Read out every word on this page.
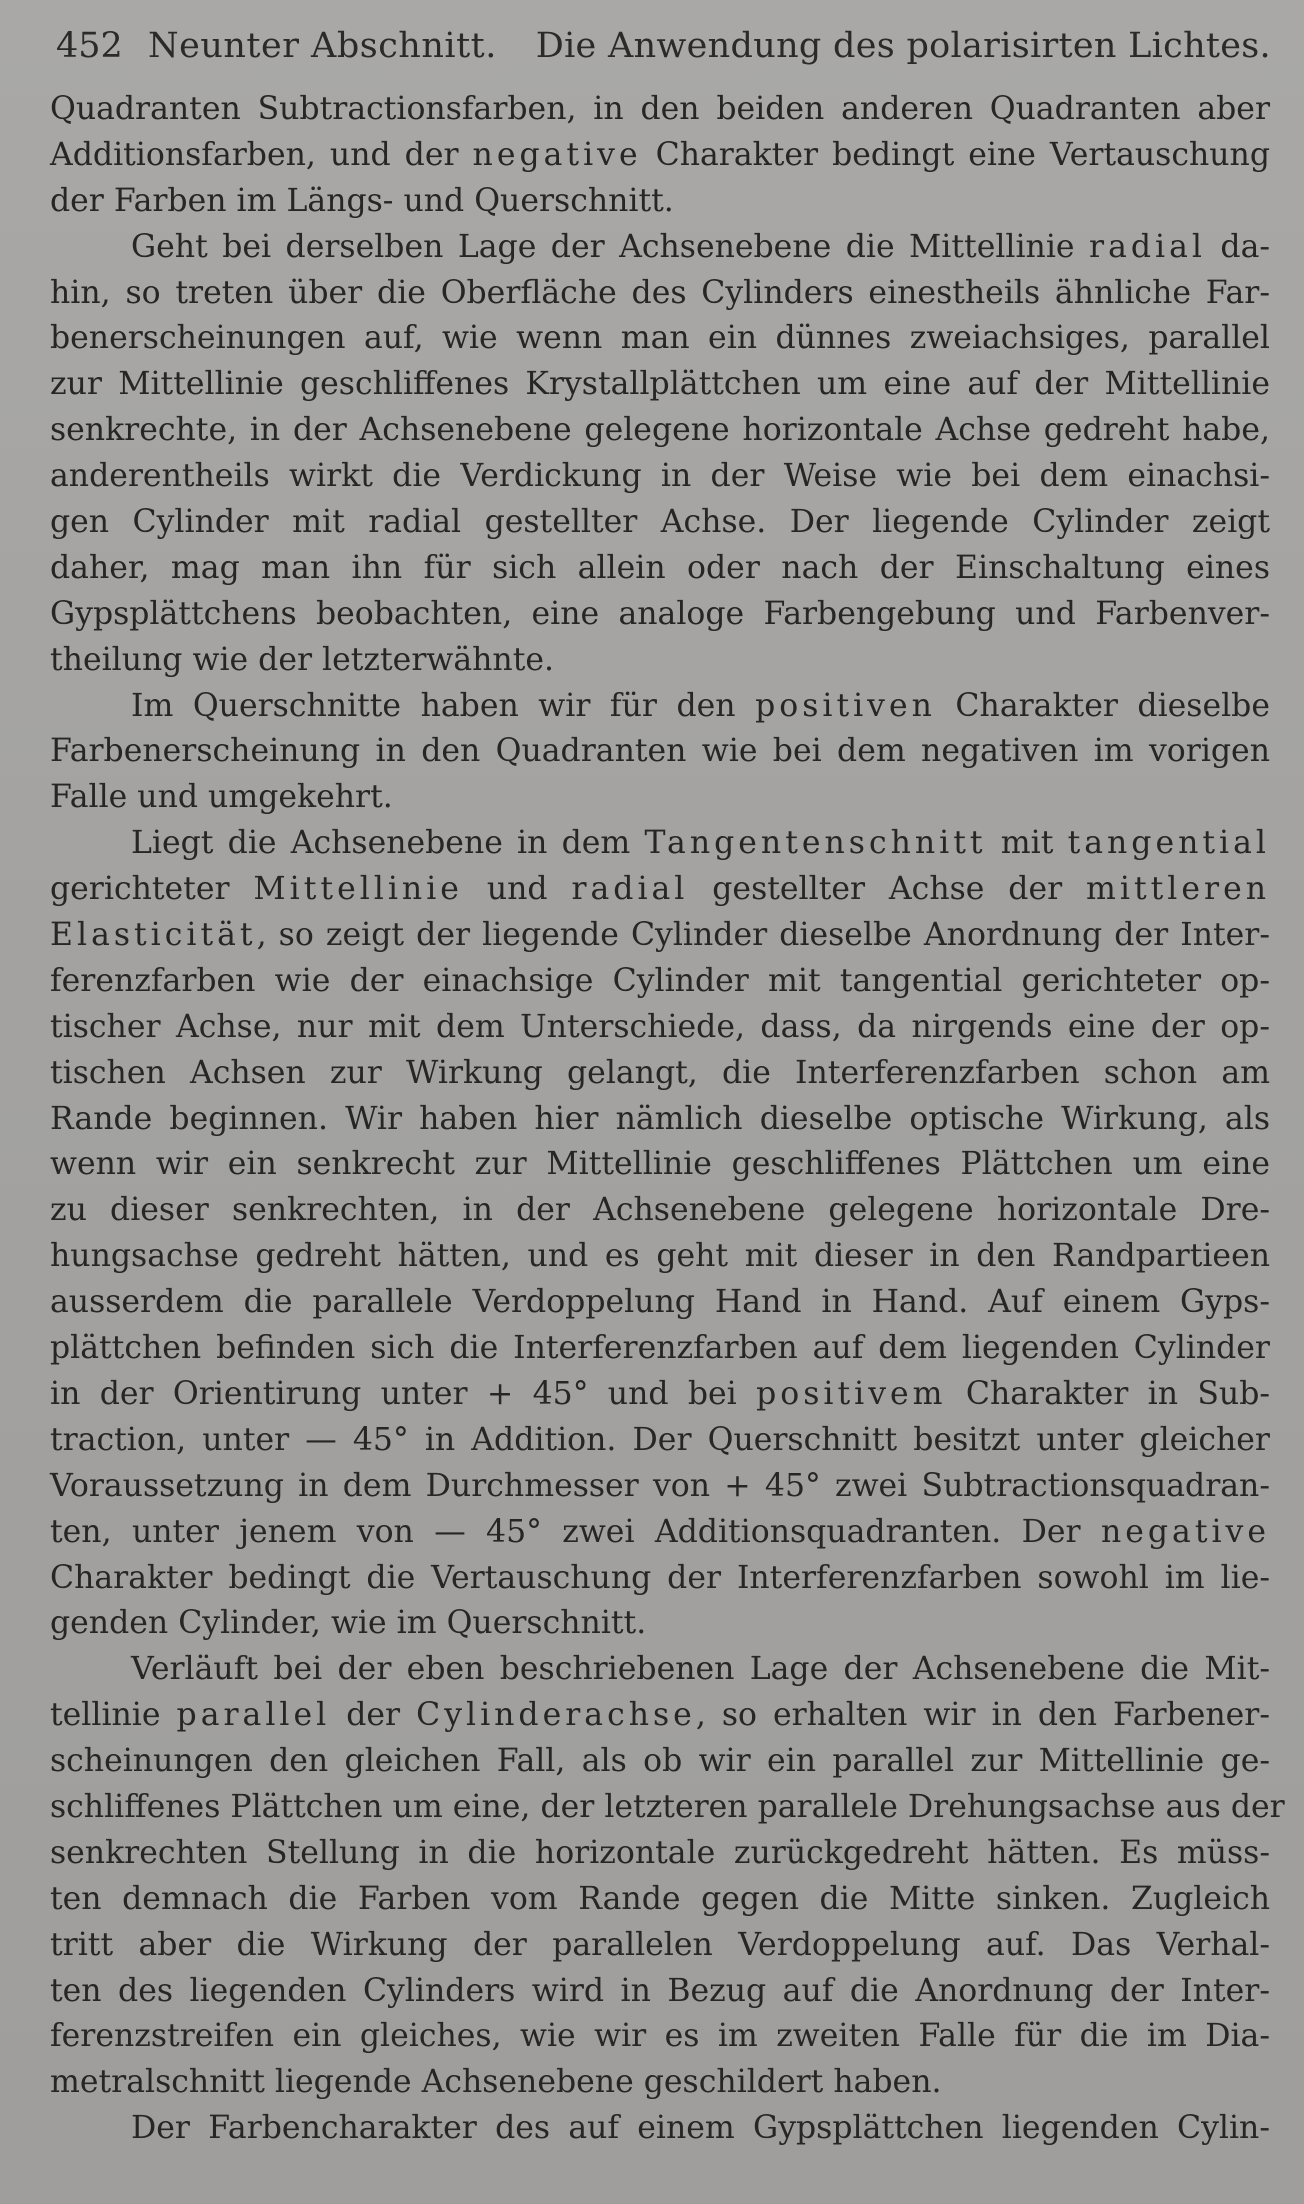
452 Neunter Abschnitt. Die Anwendung des polarisirten Lichtes.
Quadranten Subtractionsfarben, in den beiden anderen Quadranten aber
Additionsfarben, und der negative Charakter bedingt eine Vertauschung
der Farben im Längs- und Querschnitt.
Geht bei derselben Lage der Achsenebene die Mittellinie radial da-
hin, so treten über die Oberfläche des Cylinders einestheils ähnliche Far-
benerscheinungen auf, wie wenn man ein dünnes zweiachsiges, parallel
zur Mittellinie geschliffenes Krystallplättchen um eine auf der Mittellinie
senkrechte, in der Achsenebene gelegene horizontale Achse gedreht habe,
anderentheils wirkt die Verdickung in der Weise wie bei dem einachsi-
gen Cylinder mit radial gestellter Achse. Der liegende Cylinder zeigt
daher, mag man ihn für sich allein oder nach der Einschaltung eines
Gypsplättchens beobachten, eine analoge Farbengebung und Farbenver-
theilung wie der letzterwähnte.
Im Querschnitte haben wir für den positiven Charakter dieselbe
Farbenerscheinung in den Quadranten wie bei dem negativen im vorigen
Falle und umgekehrt.
Liegt die Achsenebene in dem Tangentenschnitt mit tangential
gerichteter Mittellinie und radial gestellter Achse der mittleren
Elasticität, so zeigt der liegende Cylinder dieselbe Anordnung der Inter-
ferenzfarben wie der einachsige Cylinder mit tangential gerichteter op-
tischer Achse, nur mit dem Unterschiede, dass, da nirgends eine der op-
tischen Achsen zur Wirkung gelangt, die Interferenzfarben schon am
Rande beginnen. Wir haben hier nämlich dieselbe optische Wirkung, als
wenn wir ein senkrecht zur Mittellinie geschliffenes Plättchen um eine
zu dieser senkrechten, in der Achsenebene gelegene horizontale Dre-
hungsachse gedreht hätten, und es geht mit dieser in den Randpartieen
ausserdem die parallele Verdoppelung Hand in Hand. Auf einem Gyps-
plättchen befinden sich die Interferenzfarben auf dem liegenden Cylinder
in der Orientirung unter + 45° und bei positivem Charakter in Sub-
traction, unter — 45° in Addition. Der Querschnitt besitzt unter gleicher
Voraussetzung in dem Durchmesser von + 45° zwei Subtractionsquadran-
ten, unter jenem von — 45° zwei Additionsquadranten. Der negative
Charakter bedingt die Vertauschung der Interferenzfarben sowohl im lie-
genden Cylinder, wie im Querschnitt.
Verläuft bei der eben beschriebenen Lage der Achsenebene die Mit-
tellinie parallel der Cylinderachse, so erhalten wir in den Farbener-
scheinungen den gleichen Fall, als ob wir ein parallel zur Mittellinie ge-
schliffenes Plättchen um eine, der letzteren parallele Drehungsachse aus der
senkrechten Stellung in die horizontale zurückgedreht hätten. Es müss-
ten demnach die Farben vom Rande gegen die Mitte sinken. Zugleich
tritt aber die Wirkung der parallelen Verdoppelung auf. Das Verhal-
ten des liegenden Cylinders wird in Bezug auf die Anordnung der Inter-
ferenzstreifen ein gleiches, wie wir es im zweiten Falle für die im Dia-
metralschnitt liegende Achsenebene geschildert haben.
Der Farbencharakter des auf einem Gypsplättchen liegenden Cylin-
